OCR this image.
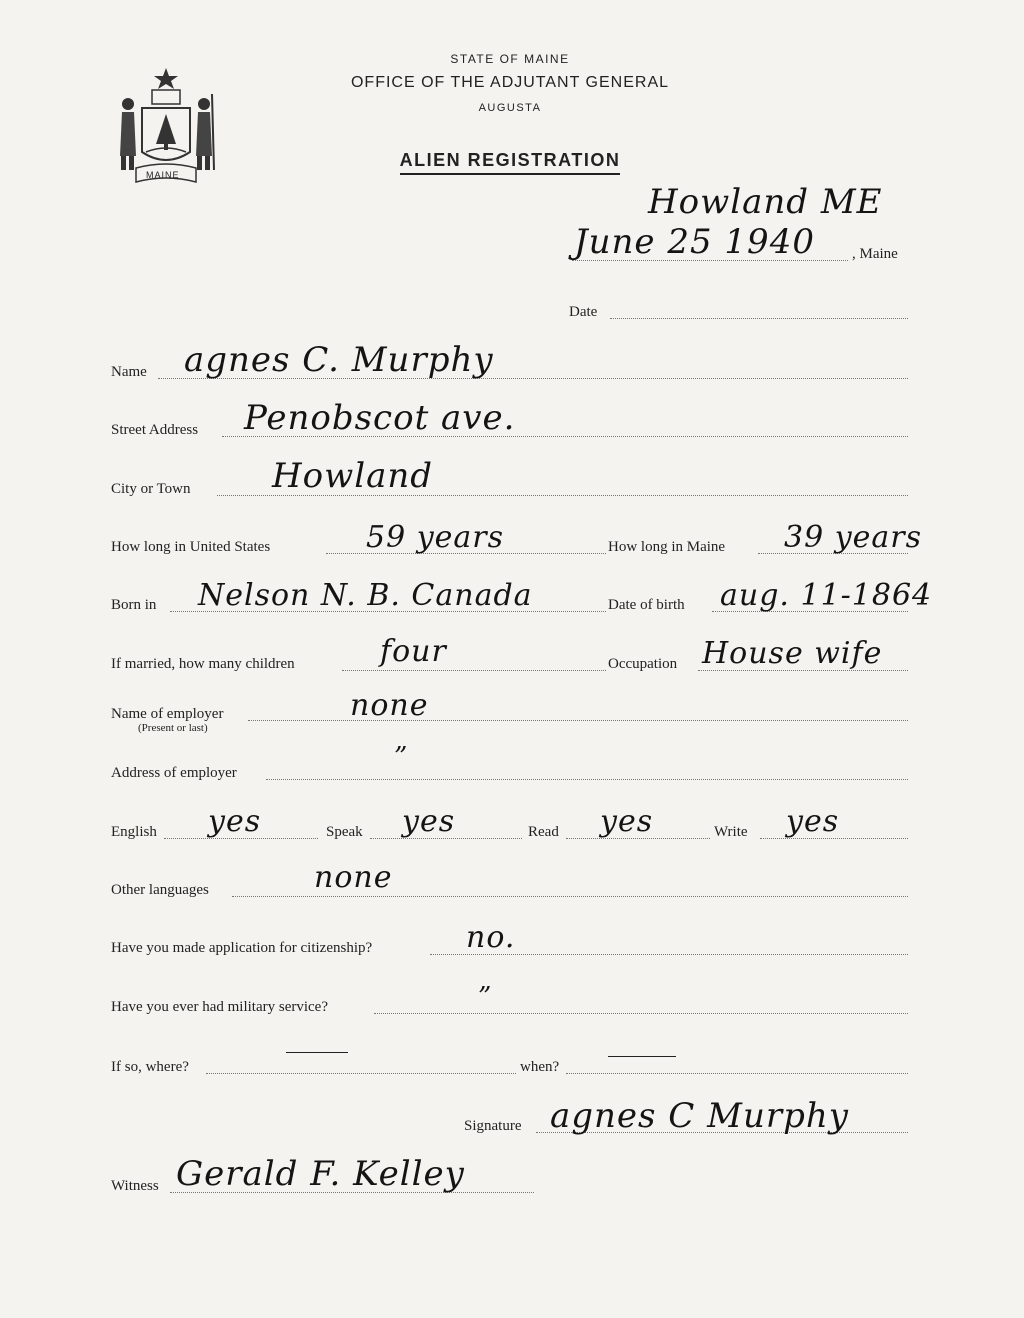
MAINE
STATE OF MAINE
OFFICE OF THE ADJUTANT GENERAL
AUGUSTA
ALIEN REGISTRATION
Howland ME
June 25 1940 , Maine
Date
Name agnes C. Murphy
Street Address Penobscot ave.
City or Town Howland
How long in United States	59 years	How long in Maine 39 years
Born in Nelson N. B. Canada	Date of birth aug. 11-1864
If married, how many children	four	Occupation House wife
Name of employer
(Present or last)
none
Address of employer
”
English yes	Speak yes	Read yes	Write yes
Other languages	none
Have you made application for citizenship?	no.
Have you ever had military service?	”
If so, where?	when?
Signature agnes C Murphy
Witness Gerald F. Kelley
